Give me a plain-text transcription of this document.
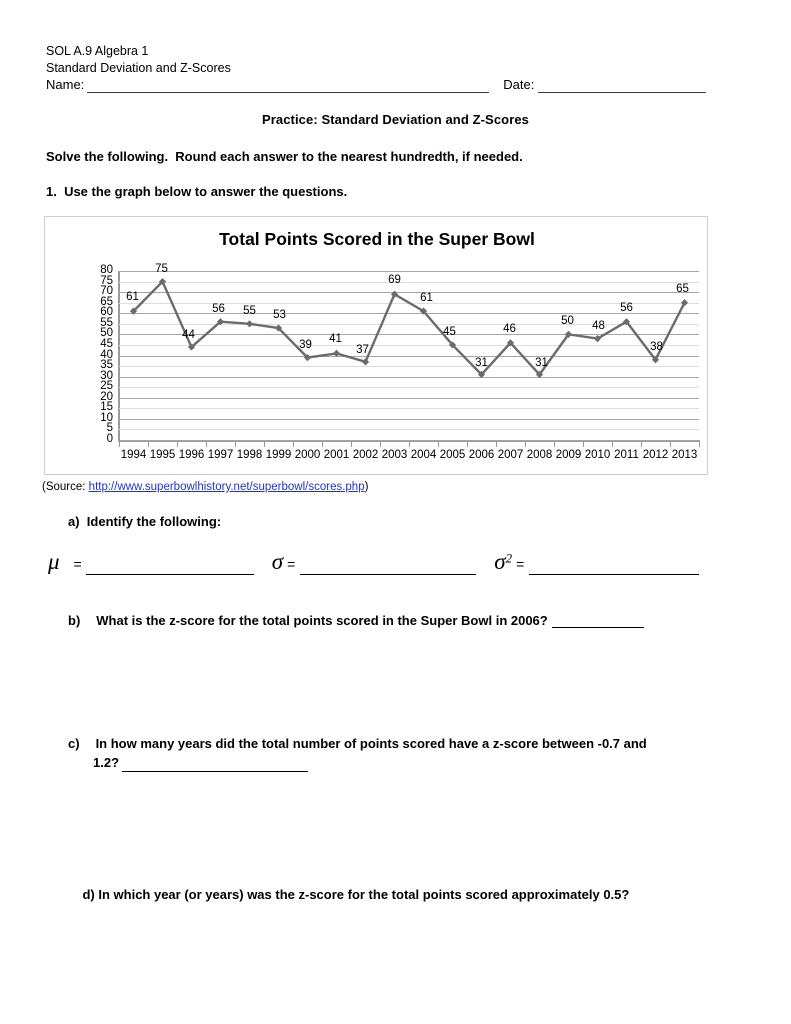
SOL A.9 Algebra 1
Standard Deviation and Z-Scores
Name:	Date:
Practice: Standard Deviation and Z-Scores
Solve the following.  Round each answer to the nearest hundredth, if needed.
1.  Use the graph below to answer the questions.
Total Points Scored in the Super Bowl
80
75
70
65
60
55
50
45
40
35
30
25
20
15
10
5
0
1994 1995 1996 1997 1998 1999 2000 2001 2002 2003 2004 2005 2006 2007 2008 2009 2010 2011 2012 2013
61
75
44
56	55	53
39	41
37
69
61
45
31
46
31
50	48
56
38
65
(Source: http://www.superbowlhistory.net/superbowl/scores.php)
a)  Identify the following:
μ =	σ =	$\sigma^2$ =
b) What is the z-score for the total points scored in the Super Bowl in 2006?
c) In how many years did the total number of points scored have a z-score between -0.7 and
1.2?

d) In which year (or years) was the z-score for the total points scored approximately 0.5?
